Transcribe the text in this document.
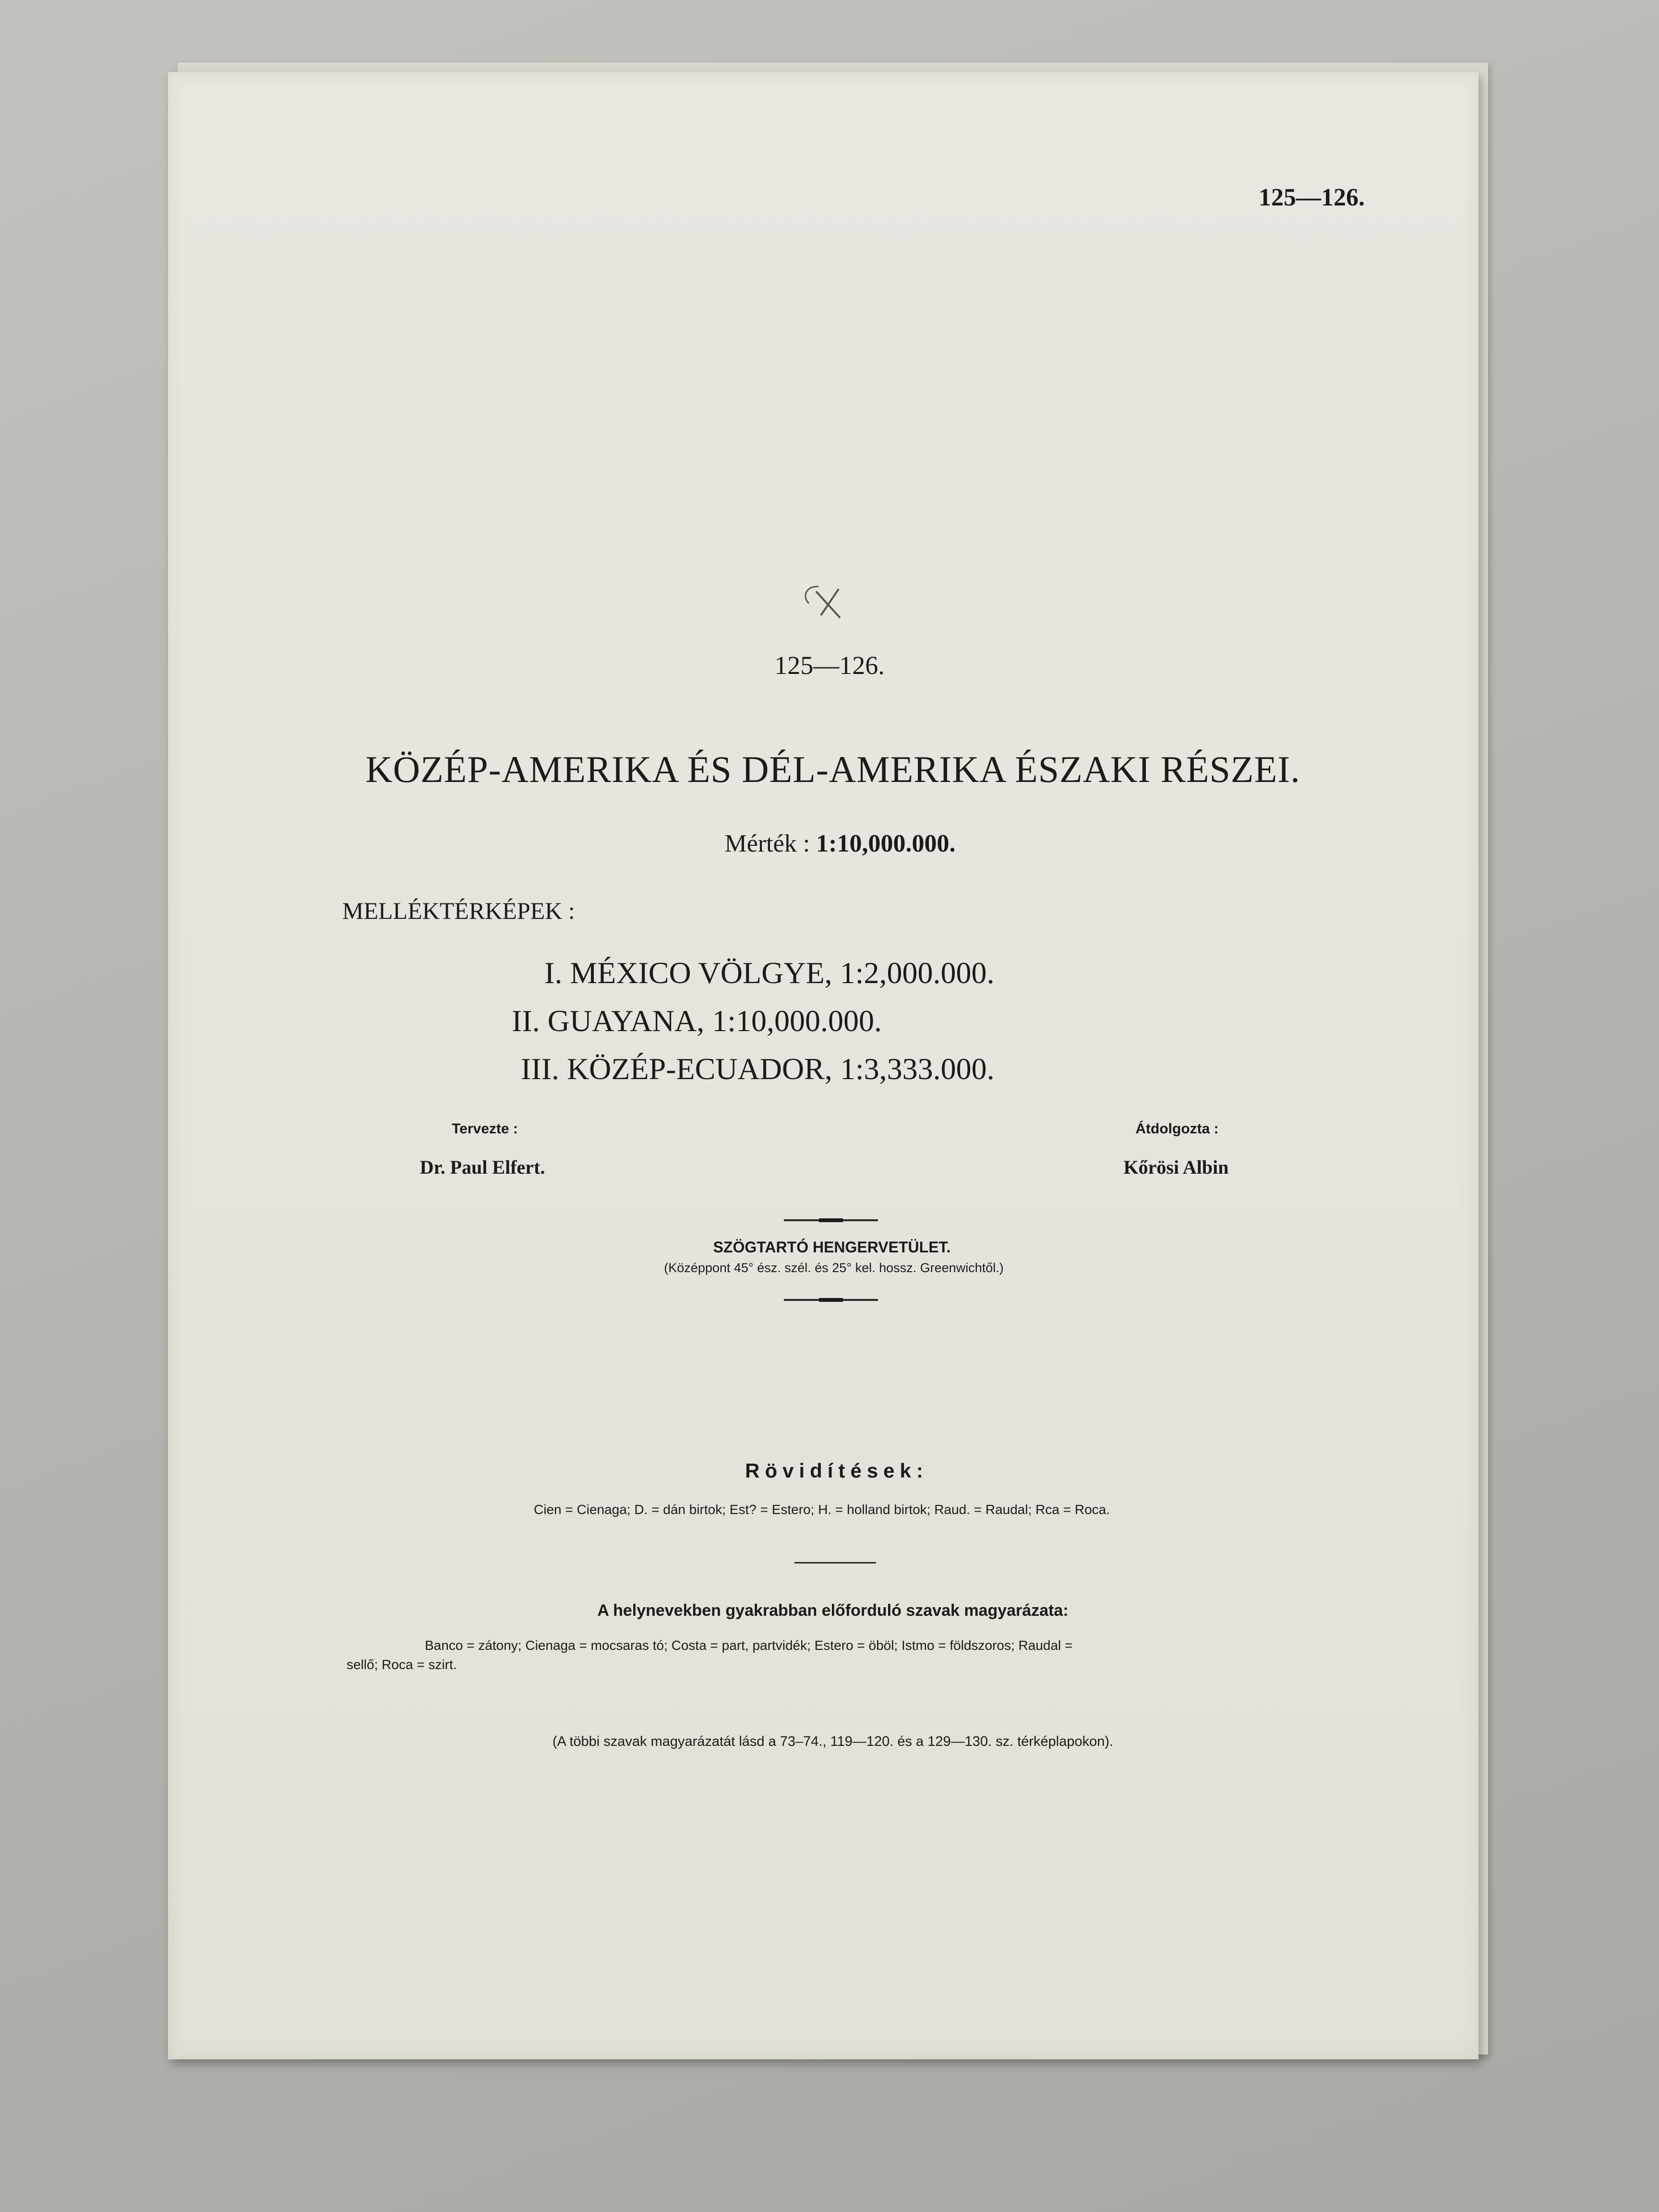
125—126.

125—126.

KÖZÉP-AMERIKA ÉS DÉL-AMERIKA ÉSZAKI RÉSZEI.
Mérték : 1:10,000.000.

MELLÉKTÉRKÉPEK :

I. MÉXICO VÖLGYE, 1:2,000.000.

II. GUAYANA, 1:10,000.000.

III. KÖZÉP-ECUADOR, 1:3,333.000.

Tervezte :

Dr. Paul Elfert.

Átdolgozta :

Kőrösi Albin

SZÖGTARTÓ HENGERVETÜLET.

(Középpont 45° ész. szél. és 25° kel. hossz. Greenwichtől.)

Rövidítések:

Cien = Cienaga; D. = dán birtok; Est? = Estero; H. = holland birtok; Raud. = Raudal; Rca = Roca.

A helynevekben gyakrabban előforduló szavak magyarázata:

Banco = zátony; Cienaga = mocsaras tó; Costa = part, partvidék; Estero = öböl; Istmo = földszoros; Raudal =

sellő; Roca = szirt.

(A többi szavak magyarázatát lásd a 73–74., 119—120. és a 129—130. sz. térképlapokon).
